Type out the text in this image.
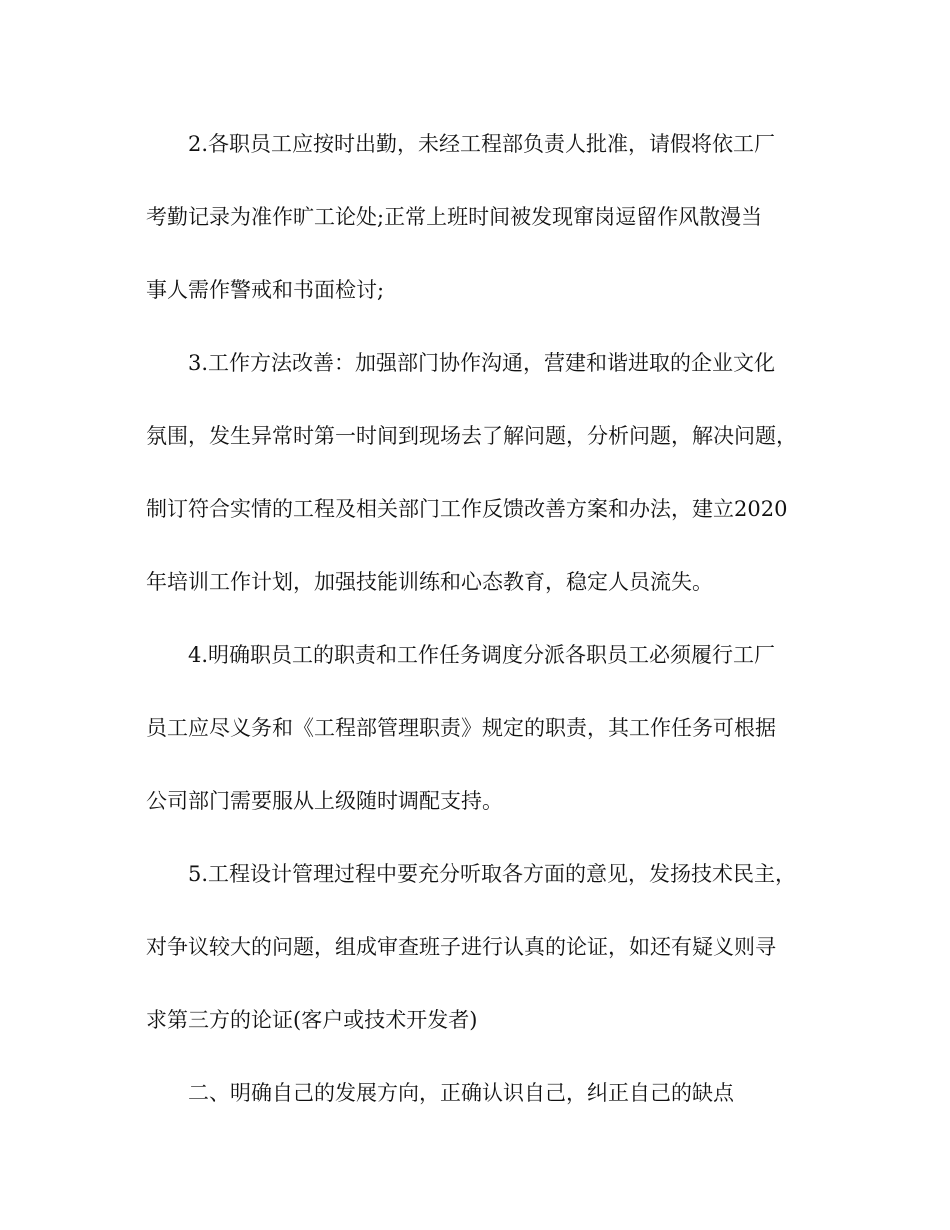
2.各职员工应按时出勤，未经工程部负责人批准，请假将依工厂

考勤记录为准作旷工论处;正常上班时间被发现窜岗逗留作风散漫当

事人需作警戒和书面检讨;

3.工作方法改善：加强部门协作沟通，营建和谐进取的企业文化

氛围，发生异常时第一时间到现场去了解问题，分析问题，解决问题，

制订符合实情的工程及相关部门工作反馈改善方案和办法，建立2020

年培训工作计划，加强技能训练和心态教育，稳定人员流失。

4.明确职员工的职责和工作任务调度分派各职员工必须履行工厂

员工应尽义务和《工程部管理职责》规定的职责，其工作任务可根据

公司部门需要服从上级随时调配支持。

5.工程设计管理过程中要充分听取各方面的意见，发扬技术民主，

对争议较大的问题，组成审查班子进行认真的论证，如还有疑义则寻

求第三方的论证(客户或技术开发者)

二、明确自己的发展方向，正确认识自己，纠正自己的缺点
